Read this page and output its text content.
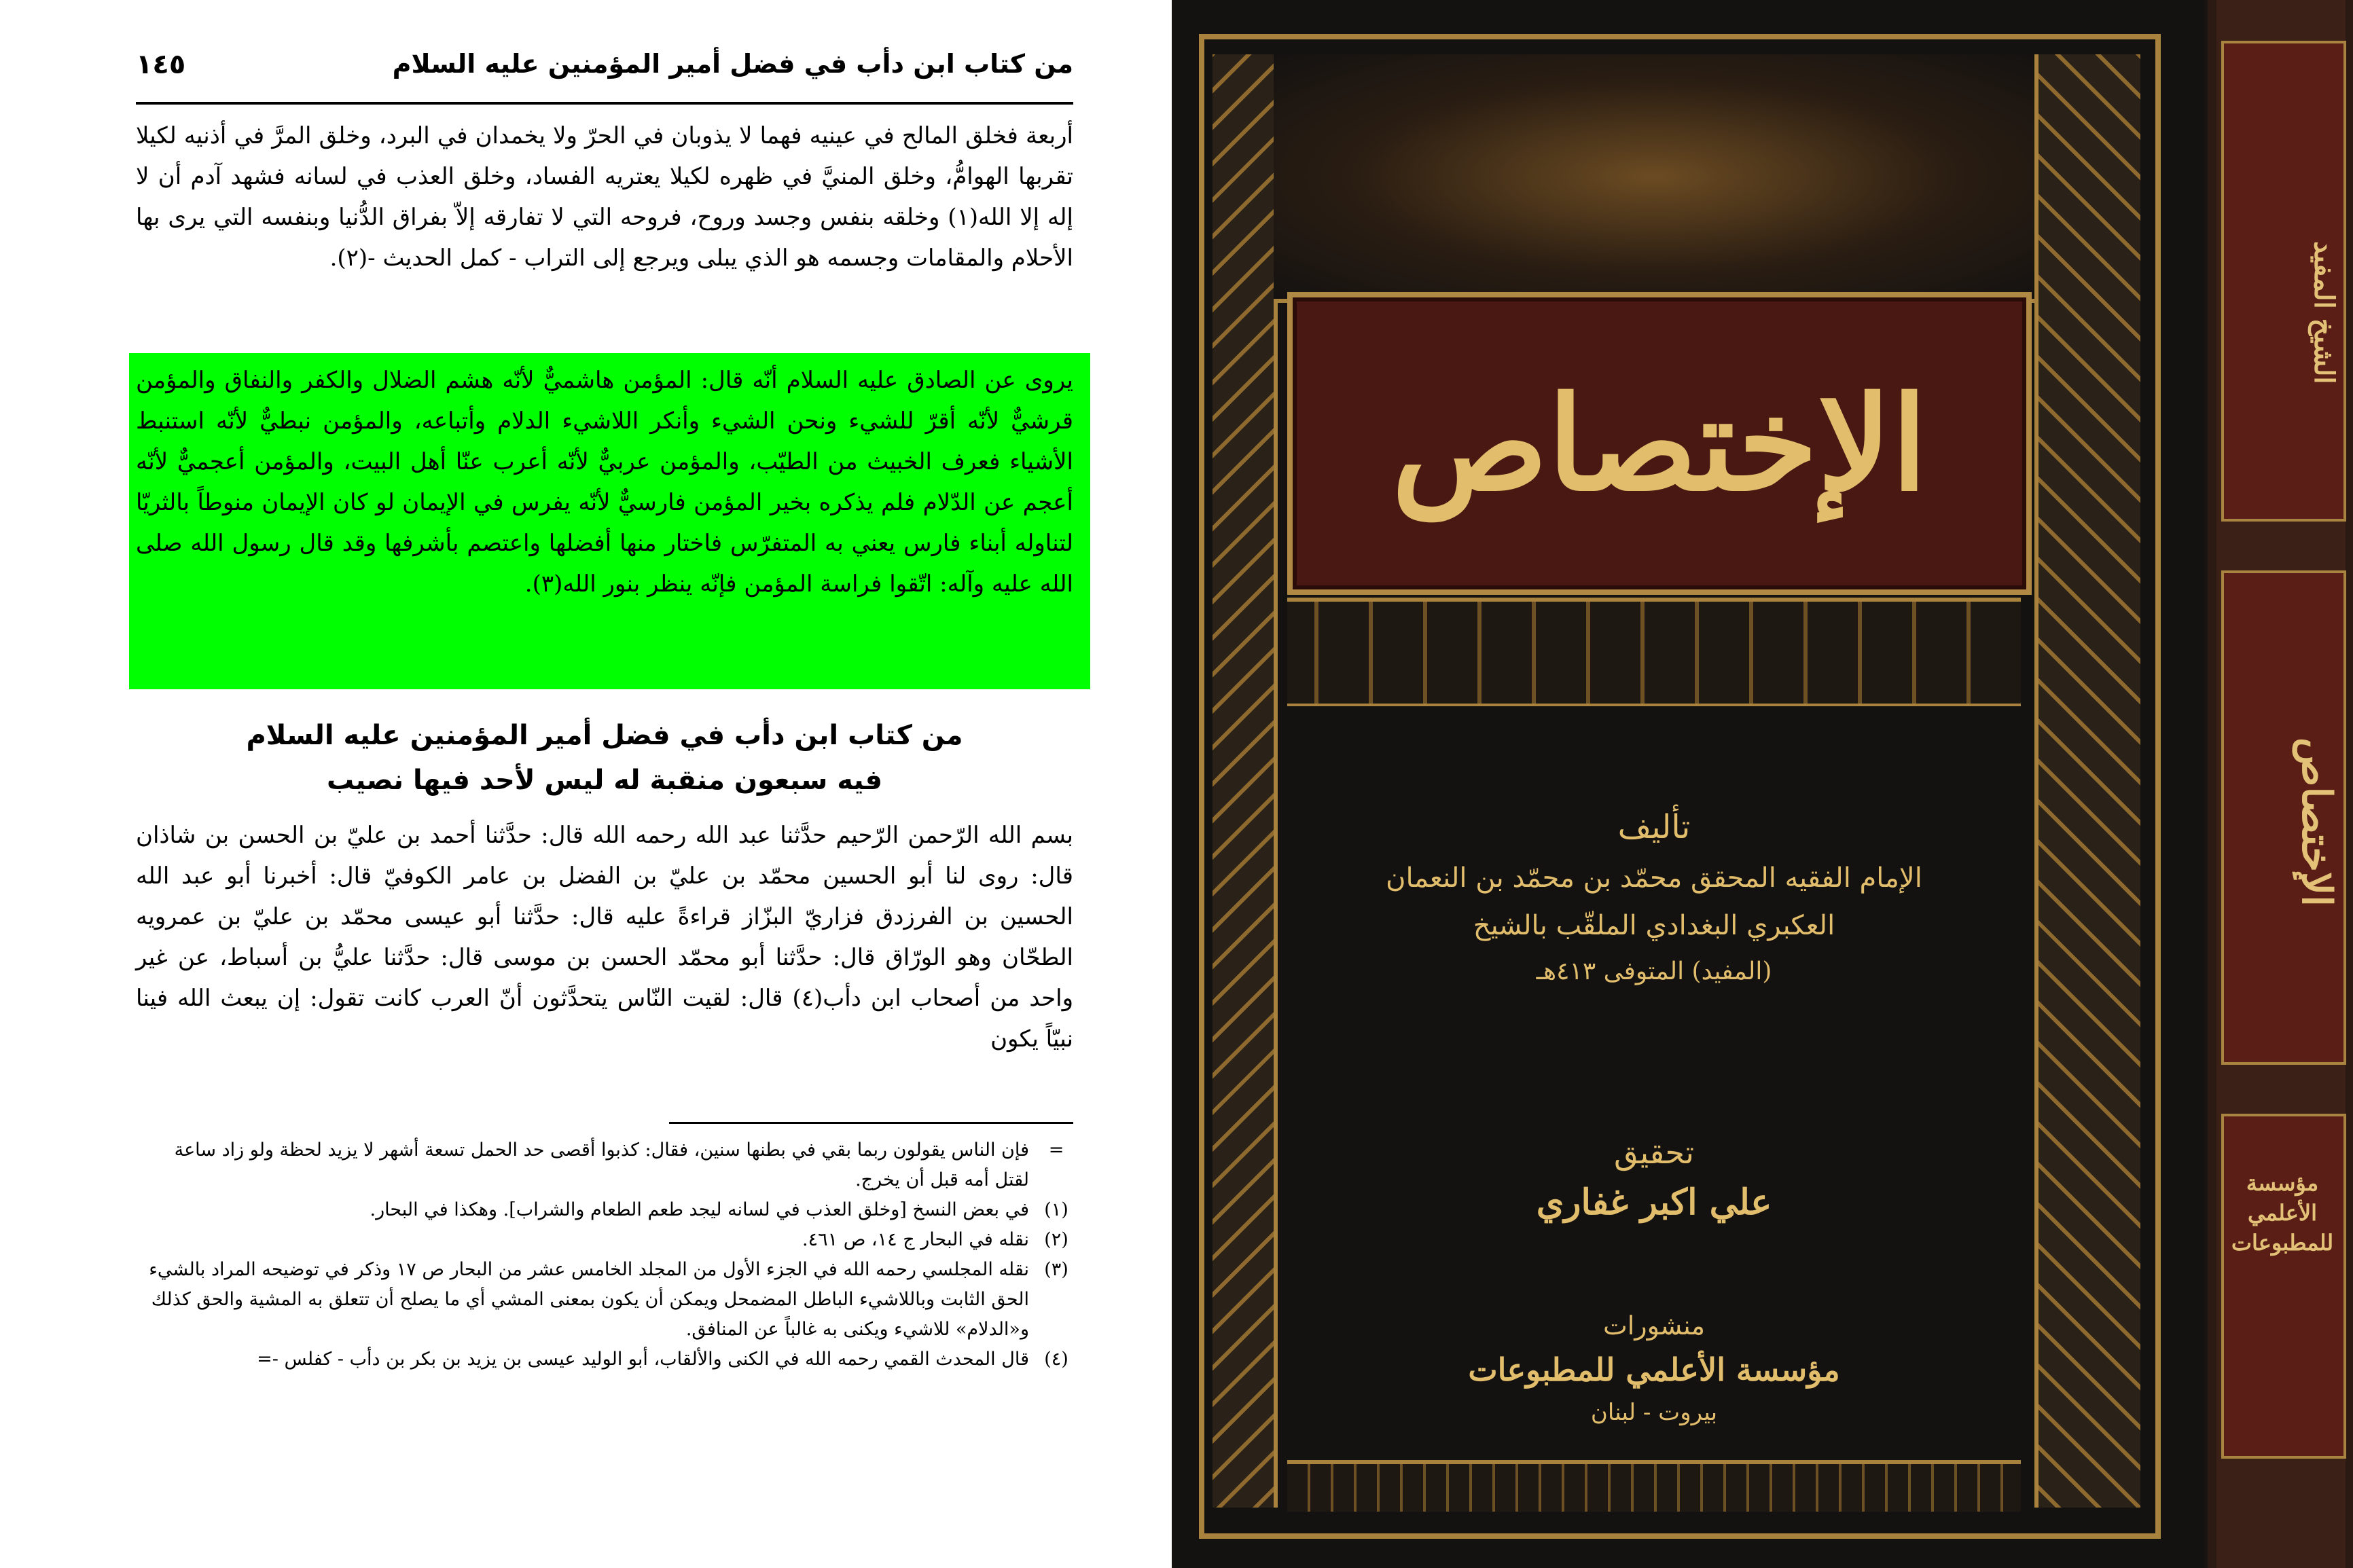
من كتاب ابن دأب في فضل أمير المؤمنين عليه السلام
١٤٥
أربعة فخلق المالح في عينيه فهما لا يذوبان في الحرّ ولا يخمدان في البرد، وخلق المرَّ في أذنيه لكيلا تقربها الهوامُّ، وخلق المنيَّ في ظهره لكيلا يعتريه الفساد، وخلق العذب في لسانه فشهد آدم أن لا إله إلا الله(١) وخلقه بنفس وجسد وروح، فروحه التي لا تفارقه إلاّ بفراق الدُّنيا وبنفسه التي يرى بها الأحلام والمقامات وجسمه هو الذي يبلى ويرجع إلى التراب - كمل الحديث -(٢).
يروى عن الصادق عليه السلام أنّه قال: المؤمن هاشميٌّ لأنّه هشم الضلال والكفر والنفاق والمؤمن قرشيٌّ لأنّه أقرّ للشيء ونحن الشيء وأنكر اللاشيء الدلام وأتباعه، والمؤمن نبطيٌّ لأنّه استنبط الأشياء فعرف الخبيث من الطيّب، والمؤمن عربيٌّ لأنّه أعرب عنّا أهل البيت، والمؤمن أعجميٌّ لأنّه أعجم عن الدّلام فلم يذكره بخير المؤمن فارسيٌّ لأنّه يفرس في الإيمان لو كان الإيمان منوطاً بالثريّا لتناوله أبناء فارس يعني به المتفرّس فاختار منها أفضلها واعتصم بأشرفها وقد قال رسول الله صلى الله عليه وآله: اتّقوا فراسة المؤمن فإنّه ينظر بنور الله(٣).
من كتاب ابن دأب في فضل أمير المؤمنين عليه السلام
فيه سبعون منقبة له ليس لأحد فيها نصيب
بسم الله الرّحمن الرّحيم حدَّثنا عبد الله رحمه الله قال: حدَّثنا أحمد بن عليّ بن الحسن بن شاذان قال: روى لنا أبو الحسين محمّد بن عليّ بن الفضل بن عامر الكوفيّ قال: أخبرنا أبو عبد الله الحسين بن الفرزدق فزاريّ البزّاز قراءةً عليه قال: حدَّثنا أبو عيسى محمّد بن عليّ بن عمرويه الطحّان وهو الورّاق قال: حدَّثنا أبو محمّد الحسن بن موسى قال: حدَّثنا عليُّ بن أسباط، عن غير واحد من أصحاب ابن دأب(٤) قال: لقيت النّاس يتحدَّثون أنّ العرب كانت تقول: إن يبعث الله فينا نبيّاً يكون
=
فإن الناس يقولون ربما بقي في بطنها سنين، فقال: كذبوا أقصى حد الحمل تسعة أشهر لا يزيد لحظة ولو زاد ساعة لقتل أمه قبل أن يخرج.
(١)
في بعض النسخ [وخلق العذب في لسانه ليجد طعم الطعام والشراب]. وهكذا في البحار.
(٢)
نقله في البحار ج ١٤، ص ٤٦١.
(٣)
نقله المجلسي رحمه الله في الجزء الأول من المجلد الخامس عشر من البحار ص ١٧ وذكر في توضيحه المراد بالشيء الحق الثابت وباللاشيء الباطل المضمحل ويمكن أن يكون بمعنى المشي أي ما يصلح أن تتعلق به المشية والحق كذلك و«الدلام» للاشيء ويكنى به غالباً عن المنافق.
(٤)
قال المحدث القمي رحمه الله في الكنى والألقاب، أبو الوليد عيسى بن يزيد بن بكر بن دأب - كفلس -=
الإختصاص
تأليف
الإمام الفقيه المحقق محمّد بن محمّد بن النعمان
العكبري البغدادي الملقّب بالشيخ
(المفيد) المتوفى ٤١٣هـ
تحقيق
علي اكبر غفاري
منشورات
مؤسسة الأعلمي للمطبوعات
بيروت - لبنان
الشيخ المفيد
الإختصاص
مؤسسة الأعلمي للمطبوعات
